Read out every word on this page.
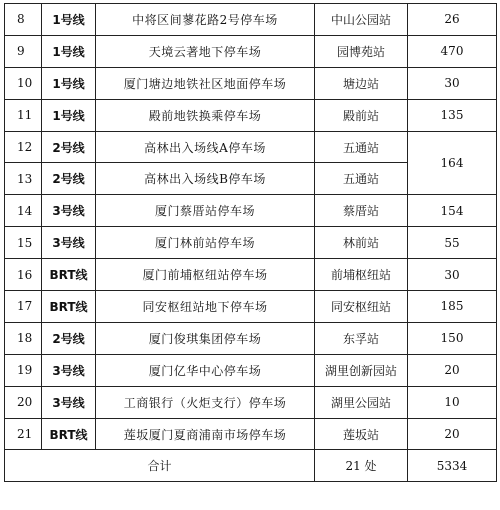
8	1号线	中将区间蓼花路2号停车场	中山公园站	26
9	1号线	天境云著地下停车场	园博苑站	470
10	1号线	厦门塘边地铁社区地面停车场	塘边站	30
11	1号线	殿前地铁换乘停车场	殿前站	135
12	2号线	高林出入场线A停车场	五通站	164
13	2号线	高林出入场线B停车场	五通站	
14	3号线	厦门蔡厝站停车场	蔡厝站	154
15	3号线	厦门林前站停车场	林前站	55
16	BRT线	厦门前埔枢纽站停车场	前埔枢纽站	30
17	BRT线	同安枢纽站地下停车场	同安枢纽站	185
18	2号线	厦门俊琪集团停车场	东孚站	150
19	3号线	厦门亿华中心停车场	湖里创新园站	20
20	3号线	工商银行（火炬支行）停车场	湖里公园站	10
21	BRT线	莲坂厦门夏商浦南市场停车场	莲坂站	20
合计			21 处	5334
